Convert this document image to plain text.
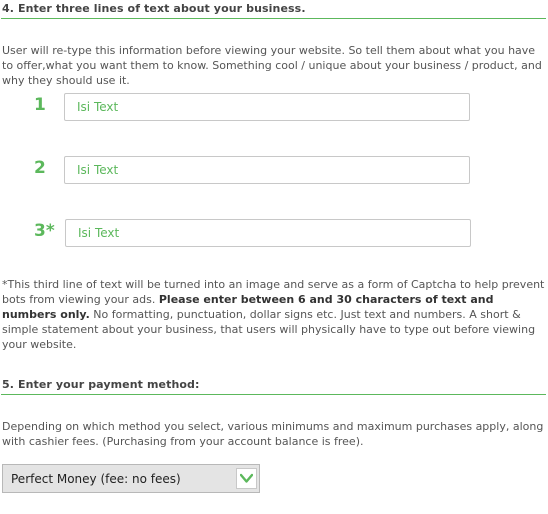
4. Enter three lines of text about your business.
User will re-type this information before viewing your website. So tell them about what you have to offer,what you want them to know. Something cool / unique about your business / product, and why they should use it.
1
Isi Text
2
Isi Text
3*
Isi Text
*This third line of text will be turned into an image and serve as a form of Captcha to help prevent bots from viewing your ads. Please enter between 6 and 30 characters of text and numbers only. No formatting, punctuation, dollar signs etc. Just text and numbers. A short & simple statement about your business, that users will physically have to type out before viewing your website.
5. Enter your payment method:
Depending on which method you select, various minimums and maximum purchases apply, along with cashier fees. (Purchasing from your account balance is free).
Perfect Money (fee: no fees)
